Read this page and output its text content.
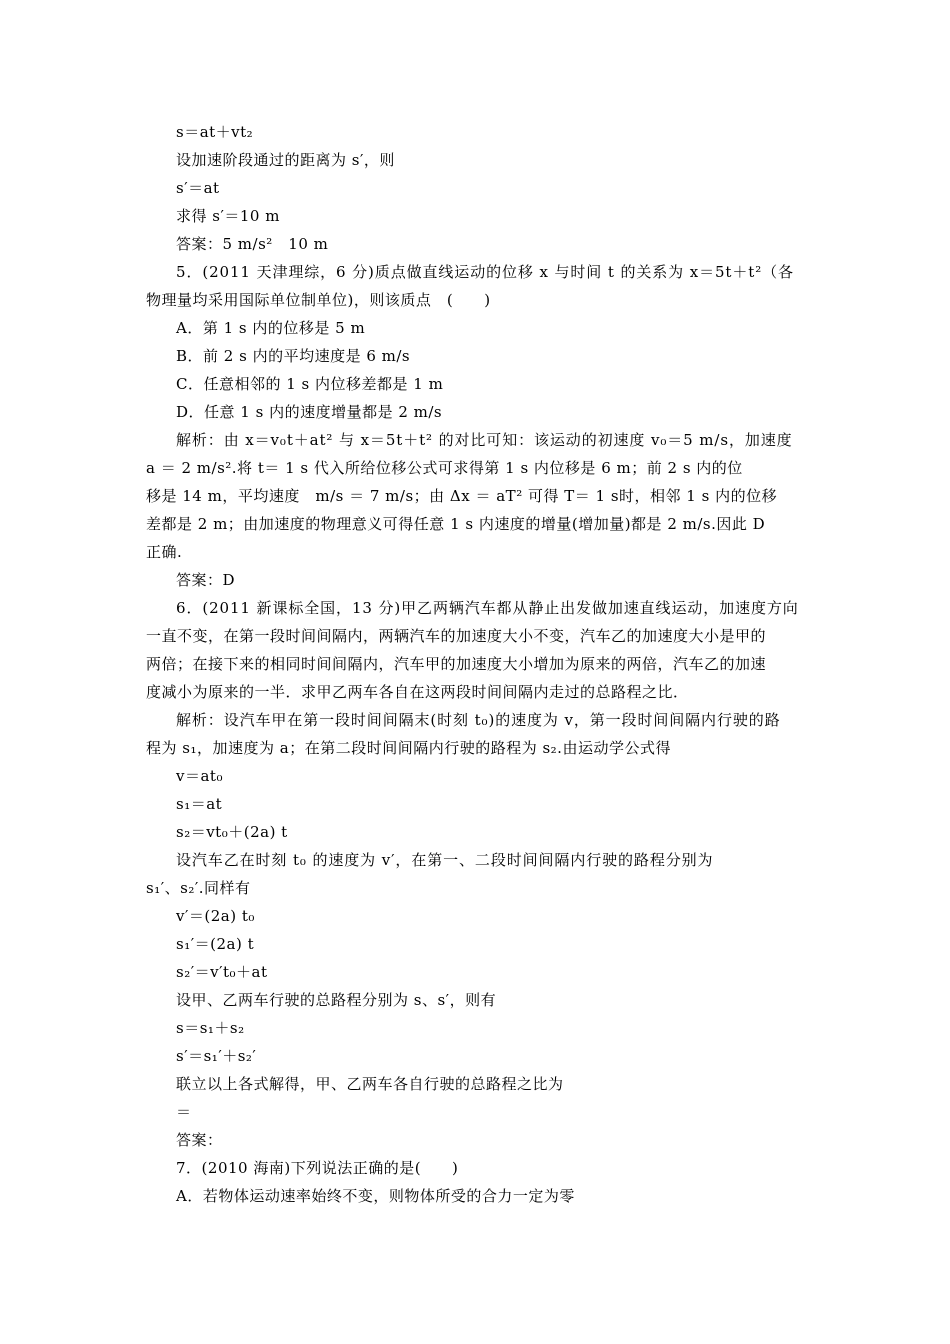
s＝at＋vt₂
设加速阶段通过的距离为 s′，则
s′＝at
求得 s′＝10 m
答案：5 m/s²　10 m
5．(2011 天津理综，6 分)质点做直线运动的位移 x 与时间 t 的关系为 x＝5t＋t²（各
物理量均采用国际单位制单位)，则该质点　(　　)
A．第 1 s 内的位移是 5 m
B．前 2 s 内的平均速度是 6 m/s
C．任意相邻的 1 s 内位移差都是 1 m
D．任意 1 s 内的速度增量都是 2 m/s
解析：由 x＝v₀t＋at² 与 x＝5t＋t² 的对比可知：该运动的初速度 v₀＝5 m/s，加速度
a ＝ 2 m/s².将 t＝ 1 s 代入所给位移公式可求得第 1 s 内位移是 6 m；前 2 s 内的位
移是 14 m，平均速度　m/s ＝ 7 m/s；由 Δx ＝ aT² 可得 T＝ 1 s时，相邻 1 s 内的位移
差都是 2 m；由加速度的物理意义可得任意 1 s 内速度的增量(增加量)都是 2 m/s.因此 D
正确.
答案：D
6．(2011 新课标全国，13 分)甲乙两辆汽车都从静止出发做加速直线运动，加速度方向
一直不变，在第一段时间间隔内，两辆汽车的加速度大小不变，汽车乙的加速度大小是甲的
两倍；在接下来的相同时间间隔内，汽车甲的加速度大小增加为原来的两倍，汽车乙的加速
度减小为原来的一半．求甲乙两车各自在这两段时间间隔内走过的总路程之比．
解析：设汽车甲在第一段时间间隔末(时刻 t₀)的速度为 v，第一段时间间隔内行驶的路
程为 s₁，加速度为 a；在第二段时间间隔内行驶的路程为 s₂.由运动学公式得
v＝at₀
s₁＝at
s₂＝vt₀＋(2a) t
设汽车乙在时刻 t₀ 的速度为 v′，在第一、二段时间间隔内行驶的路程分别为
s₁′、s₂′.同样有
v′＝(2a) t₀
s₁′＝(2a) t
s₂′＝v′t₀＋at
设甲、乙两车行驶的总路程分别为 s、s′，则有
s＝s₁＋s₂
s′＝s₁′＋s₂′
联立以上各式解得，甲、乙两车各自行驶的总路程之比为
＝
答案：
7．(2010 海南)下列说法正确的是(　　)
A．若物体运动速率始终不变，则物体所受的合力一定为零
